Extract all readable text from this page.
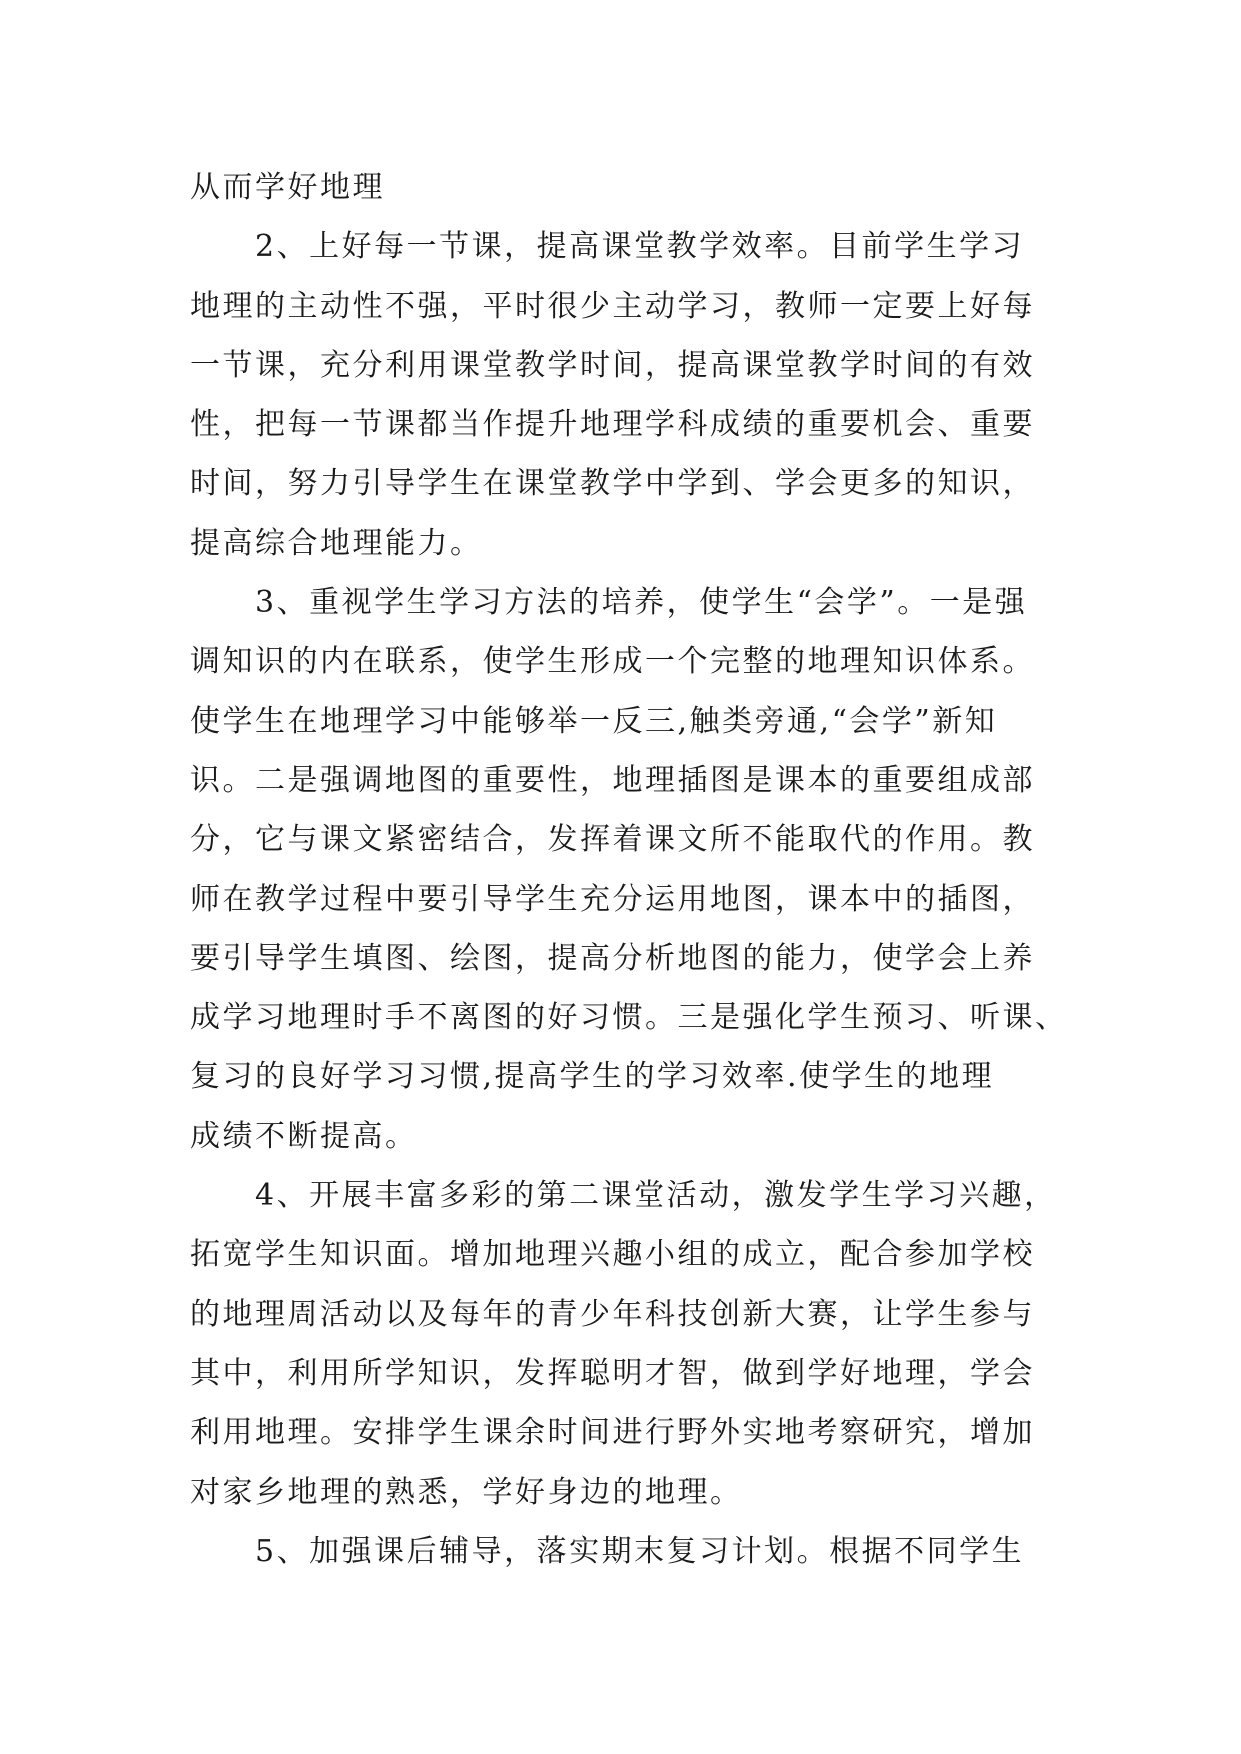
从而学好地理
2、上好每一节课，提高课堂教学效率。目前学生学习
地理的主动性不强，平时很少主动学习，教师一定要上好每
一节课，充分利用课堂教学时间，提高课堂教学时间的有效
性，把每一节课都当作提升地理学科成绩的重要机会、重要
时间，努力引导学生在课堂教学中学到、学会更多的知识，
提高综合地理能力。
3、重视学生学习方法的培养，使学生“会学”。一是强
调知识的内在联系，使学生形成一个完整的地理知识体系。
使学生在地理学习中能够举一反三,触类旁通,“会学”新知
识。二是强调地图的重要性，地理插图是课本的重要组成部
分，它与课文紧密结合，发挥着课文所不能取代的作用。教
师在教学过程中要引导学生充分运用地图，课本中的插图，
要引导学生填图、绘图，提高分析地图的能力，使学会上养
成学习地理时手不离图的好习惯。三是强化学生预习、听课、
复习的良好学习习惯,提高学生的学习效率.使学生的地理
成绩不断提高。
4、开展丰富多彩的第二课堂活动，激发学生学习兴趣，
拓宽学生知识面。增加地理兴趣小组的成立，配合参加学校
的地理周活动以及每年的青少年科技创新大赛，让学生参与
其中，利用所学知识，发挥聪明才智，做到学好地理，学会
利用地理。安排学生课余时间进行野外实地考察研究，增加
对家乡地理的熟悉，学好身边的地理。
5、加强课后辅导，落实期末复习计划。根据不同学生
